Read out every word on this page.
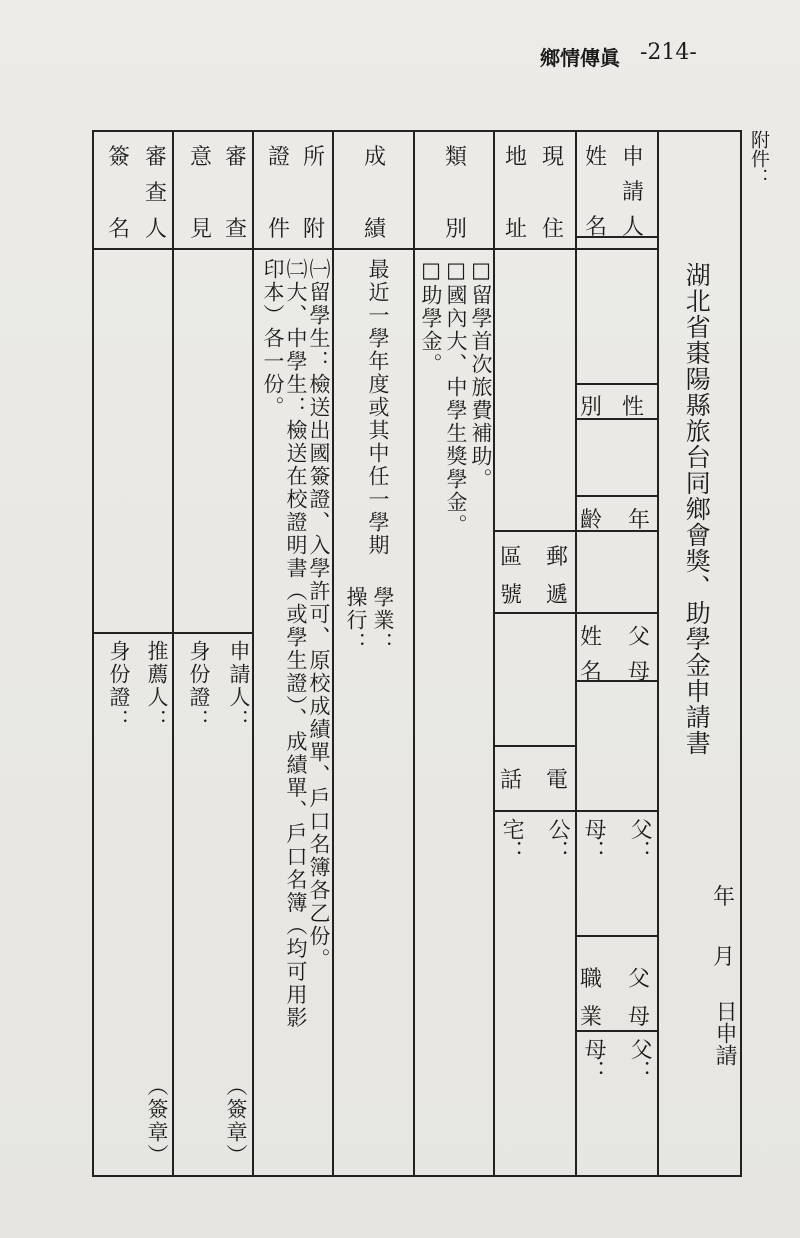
鄉情傳眞 -214-
附件：
申
請
人
姓
名
現
住
地
址
類
別
成
績
所
附
證
件
審
查
意
見
審
查
人
簽
名
湖北省棗陽縣旅台同鄉會獎、助學金申請書
年
月
日申請
性
別
年
齡
父
母
姓
名
父：
母：
父
母
職
業
父：
母：
郵
遞
區
號
電
話
公：
宅：
□留學首次旅費補助。
□國內大、中學生獎學金。
□助學金。
最近一學年度或其中任一學期
學業：
操行：
㈠留學生：檢送出國簽證、入學許可、原校成績單、戶口名簿各乙份。
㈡大、中學生：檢送在校證明書（或學生證）、成績單、戶口名簿（均可用影
印本）各一份。
申請人：
身份證：
（簽章）
推薦人：
身份證：
（簽章）
